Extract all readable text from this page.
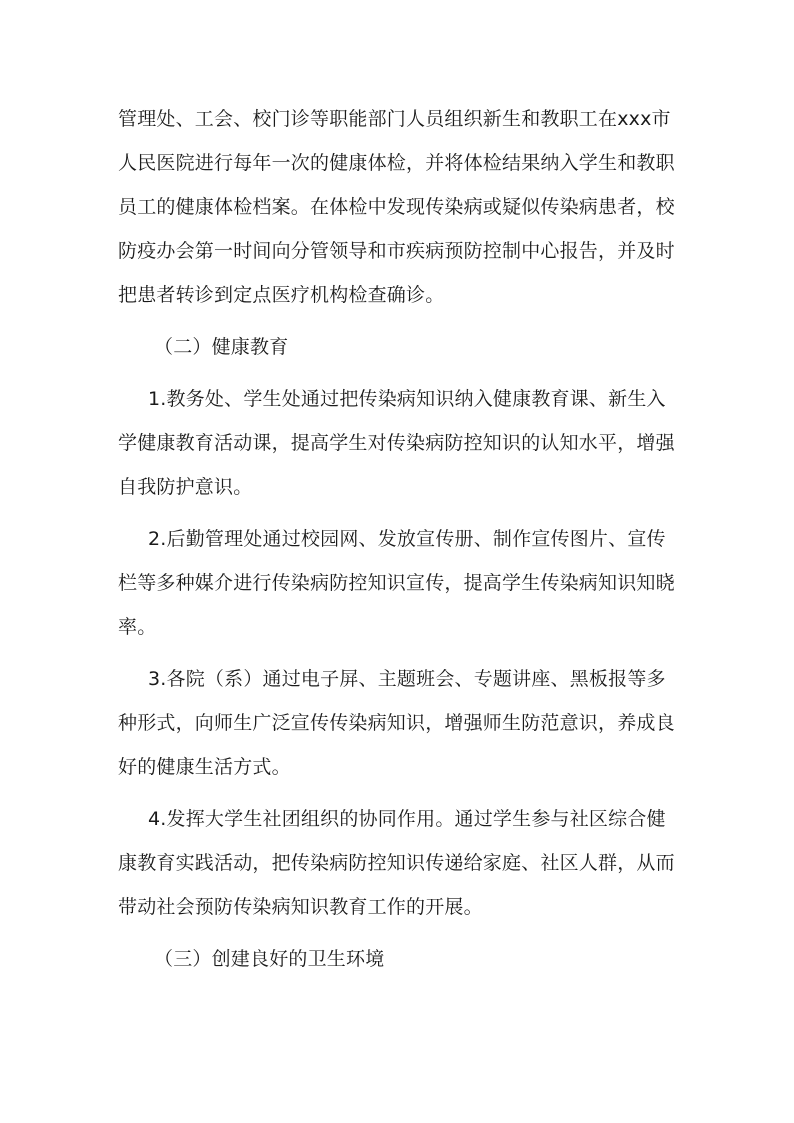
管理处、工会、校门诊等职能部门人员组织新生和教职工在xxx市人民医院进行每年一次的健康体检，并将体检结果纳入学生和教职员工的健康体检档案。在体检中发现传染病或疑似传染病患者，校防疫办会第一时间向分管领导和市疾病预防控制中心报告，并及时把患者转诊到定点医疗机构检查确诊。

（二）健康教育

1.教务处、学生处通过把传染病知识纳入健康教育课、新生入学健康教育活动课，提高学生对传染病防控知识的认知水平，增强自我防护意识。

2.后勤管理处通过校园网、发放宣传册、制作宣传图片、宣传栏等多种媒介进行传染病防控知识宣传，提高学生传染病知识知晓率。

3.各院（系）通过电子屏、主题班会、专题讲座、黑板报等多种形式，向师生广泛宣传传染病知识，增强师生防范意识，养成良好的健康生活方式。

4.发挥大学生社团组织的协同作用。通过学生参与社区综合健康教育实践活动，把传染病防控知识传递给家庭、社区人群，从而带动社会预防传染病知识教育工作的开展。

（三）创建良好的卫生环境
